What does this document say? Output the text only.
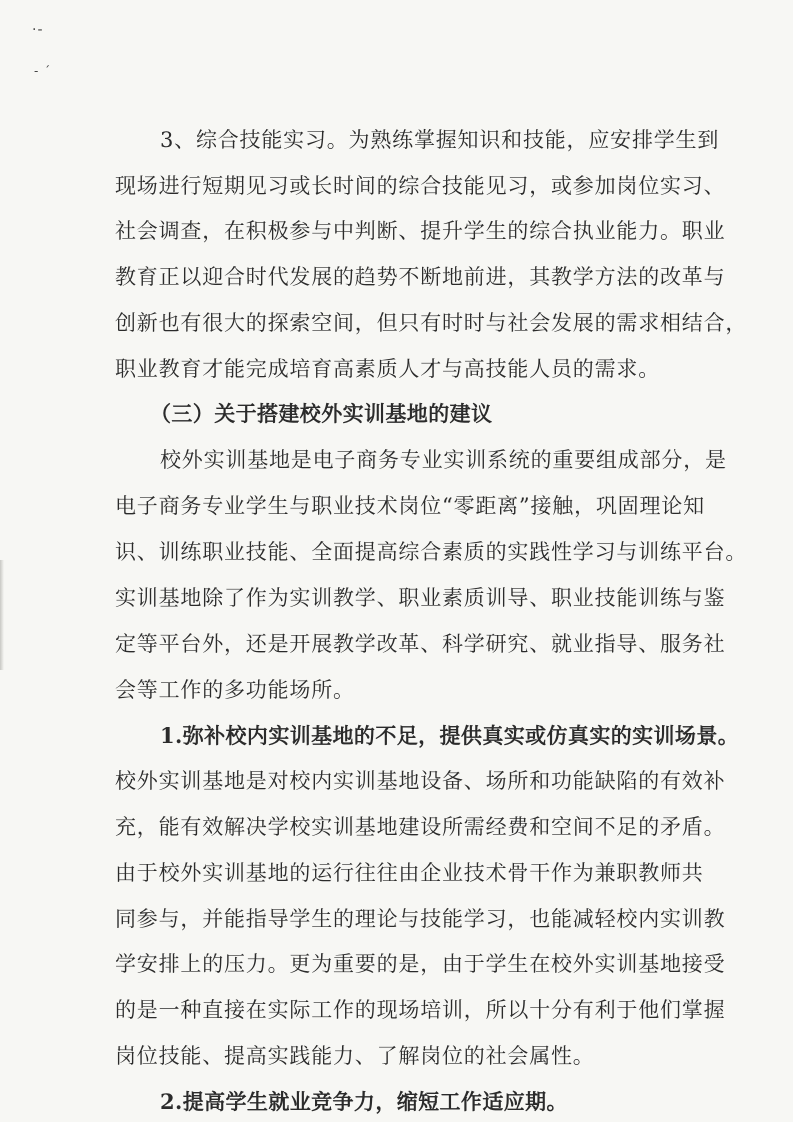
·-
- ˊ
3、综合技能实习。为熟练掌握知识和技能，应安排学生到
现场进行短期见习或长时间的综合技能见习，或参加岗位实习、
社会调查，在积极参与中判断、提升学生的综合执业能力。职业
教育正以迎合时代发展的趋势不断地前进，其教学方法的改革与
创新也有很大的探索空间，但只有时时与社会发展的需求相结合，
职业教育才能完成培育高素质人才与高技能人员的需求。
（三）关于搭建校外实训基地的建议
校外实训基地是电子商务专业实训系统的重要组成部分，是
电子商务专业学生与职业技术岗位“零距离”接触，巩固理论知
识、训练职业技能、全面提高综合素质的实践性学习与训练平台。
实训基地除了作为实训教学、职业素质训导、职业技能训练与鉴
定等平台外，还是开展教学改革、科学研究、就业指导、服务社
会等工作的多功能场所。
1.弥补校内实训基地的不足，提供真实或仿真实的实训场景。
校外实训基地是对校内实训基地设备、场所和功能缺陷的有效补
充，能有效解决学校实训基地建设所需经费和空间不足的矛盾。
由于校外实训基地的运行往往由企业技术骨干作为兼职教师共
同参与，并能指导学生的理论与技能学习，也能减轻校内实训教
学安排上的压力。更为重要的是，由于学生在校外实训基地接受
的是一种直接在实际工作的现场培训，所以十分有利于他们掌握
岗位技能、提高实践能力、了解岗位的社会属性。
2.提高学生就业竞争力，缩短工作适应期。
